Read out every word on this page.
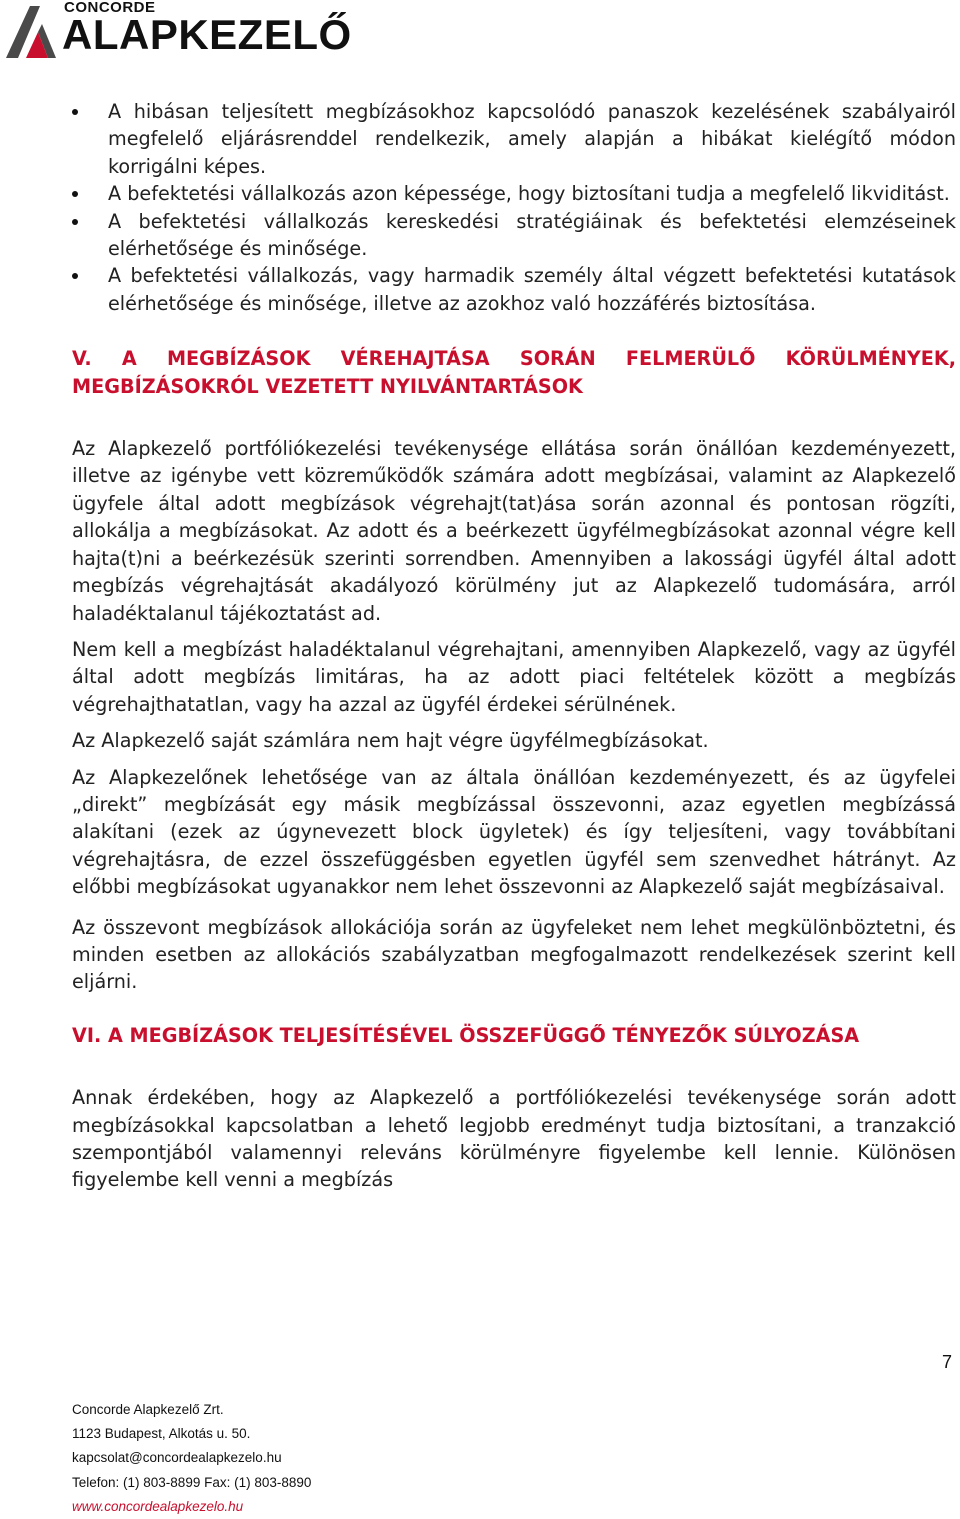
CONCORDE
ALAPKEZELŐ
A hibásan teljesített megbízásokhoz kapcsolódó panaszok kezelésének szabályairól megfelelő eljárásrenddel rendelkezik, amely alapján a hibákat kielégítő módon korrigálni képes.
A befektetési vállalkozás azon képessége, hogy biztosítani tudja a megfelelő likviditást.
A befektetési vállalkozás kereskedési stratégiáinak és befektetési elemzéseinek elérhetősége és minősége.
A befektetési vállalkozás, vagy harmadik személy által végzett befektetési kutatások elérhetősége és minősége, illetve az azokhoz való hozzáférés biztosítása.

V. A MEGBÍZÁSOK VÉREHAJTÁSA SORÁN FELMERÜLŐ KÖRÜLMÉNYEK, MEGBÍZÁSOKRÓL VEZETETT NYILVÁNTARTÁSOK

Az Alapkezelő portfóliókezelési tevékenysége ellátása során önállóan kezdeményezett, illetve az igénybe vett közreműködők számára adott megbízásai, valamint az Alapkezelő ügyfele által adott megbízások végrehajt(tat)ása során azonnal és pontosan rögzíti, allokálja a megbízásokat. Az adott és a beérkezett ügyfélmegbízásokat azonnal végre kell hajta(t)ni a beérkezésük szerinti sorrendben. Amennyiben a lakossági ügyfél által adott megbízás végrehajtását akadályozó körülmény jut az Alapkezelő tudomására, arról haladéktalanul tájékoztatást ad.

Nem kell a megbízást haladéktalanul végrehajtani, amennyiben Alapkezelő, vagy az ügyfél által adott megbízás limitáras, ha az adott piaci feltételek között a megbízás végrehajthatatlan, vagy ha azzal az ügyfél érdekei sérülnének.

Az Alapkezelő saját számlára nem hajt végre ügyfélmegbízásokat.

Az Alapkezelőnek lehetősége van az általa önállóan kezdeményezett, és az ügyfelei „direkt” megbízását egy másik megbízással összevonni, azaz egyetlen megbízássá alakítani (ezek az úgynevezett block ügyletek) és így teljesíteni, vagy továbbítani végrehajtásra, de ezzel összefüggésben egyetlen ügyfél sem szenvedhet hátrányt. Az előbbi megbízásokat ugyanakkor nem lehet összevonni az Alapkezelő saját megbízásaival.

Az összevont megbízások allokációja során az ügyfeleket nem lehet megkülönböztetni, és minden esetben az allokációs szabályzatban megfogalmazott rendelkezések szerint kell eljárni.

VI. A MEGBÍZÁSOK TELJESÍTÉSÉVEL ÖSSZEFÜGGŐ TÉNYEZŐK SÚLYOZÁSA

Annak érdekében, hogy az Alapkezelő a portfóliókezelési tevékenysége során adott megbízásokkal kapcsolatban a lehető legjobb eredményt tudja biztosítani, a tranzakció szempontjából valamennyi releváns körülményre figyelembe kell lennie. Különösen figyelembe kell venni a megbízás

7
Concorde Alapkezelő Zrt.
1123 Budapest, Alkotás u. 50.
kapcsolat@concordealapkezelo.hu
Telefon: (1) 803-8899 Fax: (1) 803-8890
www.concordealapkezelo.hu
